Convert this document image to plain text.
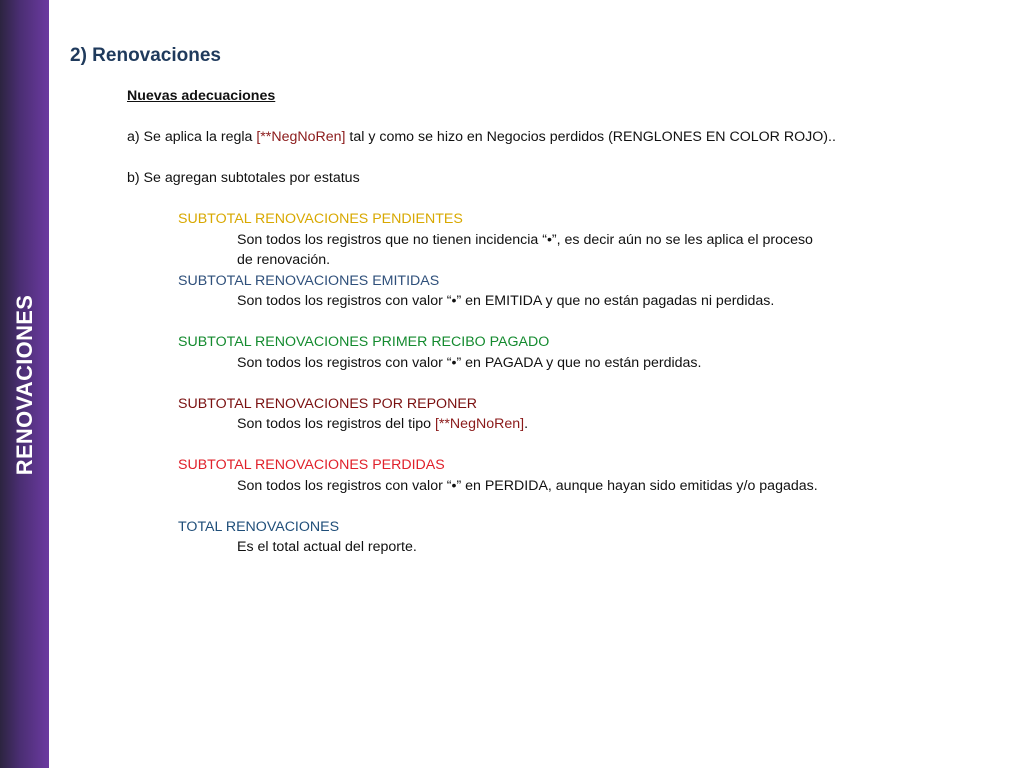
RENOVACIONES
2) Renovaciones
Nuevas adecuaciones
a) Se aplica la regla [**NegNoRen] tal y como se hizo en Negocios perdidos (RENGLONES EN COLOR ROJO)..
b) Se agregan subtotales por estatus
SUBTOTAL RENOVACIONES PENDIENTES
Son todos los registros que no tienen incidencia “•”, es decir aún no se les aplica el proceso
de renovación.
SUBTOTAL RENOVACIONES EMITIDAS
Son todos los registros con valor “•” en EMITIDA y que no están pagadas ni perdidas.
SUBTOTAL RENOVACIONES PRIMER RECIBO PAGADO
Son todos los registros con valor “•” en PAGADA y que no están perdidas.
SUBTOTAL RENOVACIONES POR REPONER
Son todos los registros del tipo [**NegNoRen].
SUBTOTAL RENOVACIONES PERDIDAS
Son todos los registros con valor “•” en PERDIDA, aunque hayan sido emitidas y/o pagadas.
TOTAL RENOVACIONES
Es el total actual del reporte.
